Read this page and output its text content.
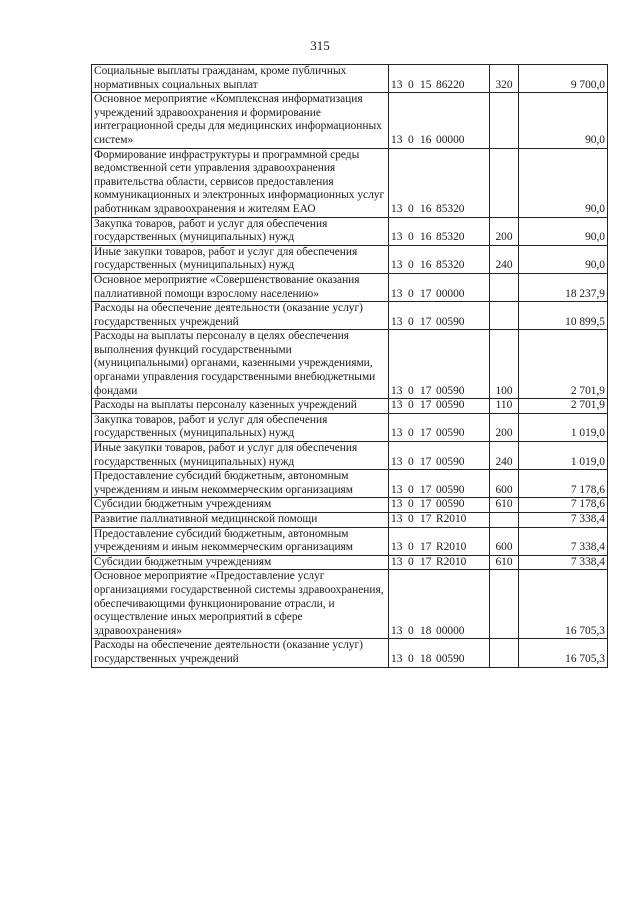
315
Социальные выплаты гражданам, кроме публичных нормативных социальных выплат	13 0 15 86220	320	9 700,0
Основное мероприятие «Комплексная информатизация учреждений здравоохранения и формирование интеграционной среды для медицинских информационных систем»	13 0 16 00000		90,0
Формирование инфраструктуры и программной среды ведомственной сети управления здравоохранения правительства области, сервисов предоставления коммуникационных и электронных информационных услуг работникам здравоохранения и жителям ЕАО	13 0 16 85320		90,0
Закупка товаров, работ и услуг для обеспечения государственных (муниципальных) нужд	13 0 16 85320	200	90,0
Иные закупки товаров, работ и услуг для обеспечения государственных (муниципальных) нужд	13 0 16 85320	240	90,0
Основное мероприятие «Совершенствование оказания паллиативной помощи взрослому населению»	13 0 17 00000		18 237,9
Расходы на обеспечение деятельности (оказание услуг) государственных учреждений	13 0 17 00590		10 899,5
Расходы на выплаты персоналу в целях обеспечения выполнения функций государственными (муниципальными) органами, казенными учреждениями, органами управления государственными внебюджетными фондами	13 0 17 00590	100	2 701,9
Расходы на выплаты персоналу казенных учреждений	13 0 17 00590	110	2 701,9
Закупка товаров, работ и услуг для обеспечения государственных (муниципальных) нужд	13 0 17 00590	200	1 019,0
Иные закупки товаров, работ и услуг для обеспечения государственных (муниципальных) нужд	13 0 17 00590	240	1 019,0
Предоставление субсидий бюджетным, автономным учреждениям и иным некоммерческим организациям	13 0 17 00590	600	7 178,6
Субсидии бюджетным учреждениям	13 0 17 00590	610	7 178,6
Развитие паллиативной медицинской помощи	13 0 17 R2010		7 338,4
Предоставление субсидий бюджетным, автономным учреждениям и иным некоммерческим организациям	13 0 17 R2010	600	7 338,4
Субсидии бюджетным учреждениям	13 0 17 R2010	610	7 338,4
Основное мероприятие «Предоставление услуг организациями государственной системы здравоохранения, обеспечивающими функционирование отрасли, и осуществление иных мероприятий в сфере здравоохранения»	13 0 18 00000		16 705,3
Расходы на обеспечение деятельности (оказание услуг) государственных учреждений	13 0 18 00590		16 705,3
